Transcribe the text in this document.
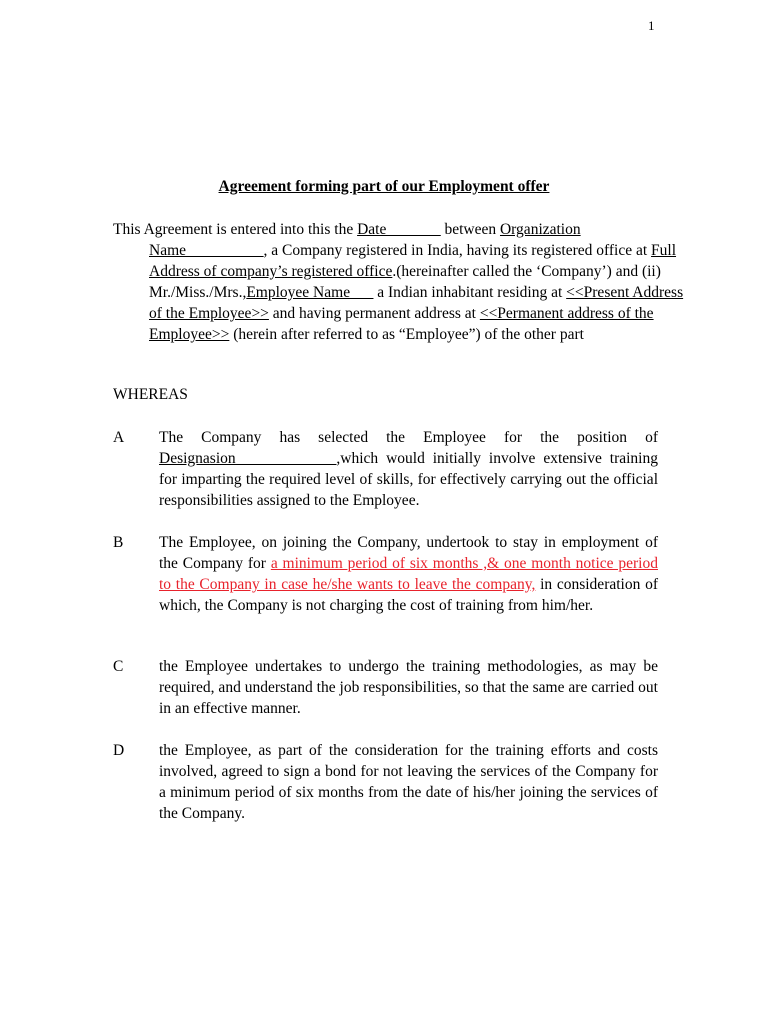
1
Agreement forming part of our Employment offer
This Agreement is entered into this the Date_______ between Organization Name__________, a Company registered in India, having its registered office at Full Address of company’s registered office.(hereinafter called the ‘Company’) and (ii) Mr./Miss./Mrs.,Employee Name___ a Indian inhabitant residing at <<Present Address of the Employee>> and having permanent address at <<Permanent address of the Employee>> (herein after referred to as “Employee”) of the other part
WHEREAS
A The Company has selected the Employee for the position of Designasion_____________,which would initially involve extensive training for imparting the required level of skills, for effectively carrying out the official responsibilities assigned to the Employee.
B The Employee, on joining the Company, undertook to stay in employment of the Company for a minimum period of six months ,& one month notice period to the Company in case he/she wants to leave the company, in consideration of which, the Company is not charging the cost of training from him/her.
C the Employee undertakes to undergo the training methodologies, as may be required, and understand the job responsibilities, so that the same are carried out in an effective manner.
D the Employee, as part of the consideration for the training efforts and costs involved, agreed to sign a bond for not leaving the services of the Company for a minimum period of six months from the date of his/her joining the services of the Company.
